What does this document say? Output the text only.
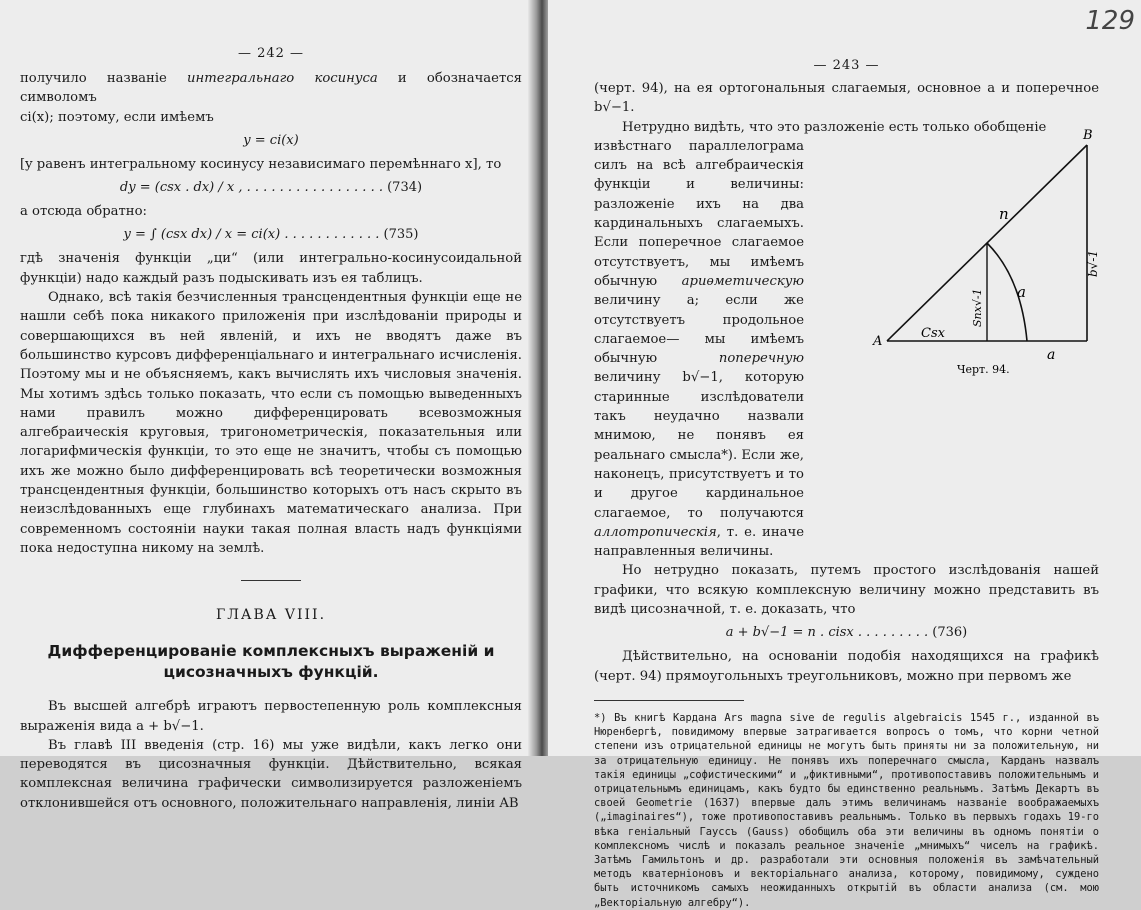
— 242 —

получило названіе интегральнаго косинуса и обозначается символомъ
ci(x); поэтому, если имѣемъ

y = ci(x)

[y равенъ интегральному косинусу независимаго перемѣннаго x], то

dy = (csx . dx) / x , . . . . . . . . . . . . . . . . . (734)

а отсюда обратно:

y = ∫ (csx dx) / x = ci(x) . . . . . . . . . . . . (735)

гдѣ значенія функціи „ци“ (или интегрально-косинусоидальной функціи) надо каждый разъ подыскивать изъ ея таблицъ.

Однако, всѣ такія безчисленныя трансцендентныя функціи еще не нашли себѣ пока никакого приложенія при изслѣдованіи природы и совершающихся въ ней явленій, и ихъ не вводятъ даже въ большинство курсовъ дифференціальнаго и интегральнаго исчисленія. Поэтому мы и не объясняемъ, какъ вычислять ихъ числовыя значенія. Мы хотимъ здѣсь только показать, что если съ помощью выведенныхъ нами правилъ можно дифференцировать всевозможныя алгебраическія круговыя, тригонометрическія, показательныя или логарифмическія функціи, то это еще не значитъ, чтобы съ помощью ихъ же можно было дифференцировать всѣ теоретически возможныя трансцендентныя функціи, большинство которыхъ отъ насъ скрыто въ неизслѣдованныхъ еще глубинахъ математическаго анализа. При современномъ состояніи науки такая полная власть надъ функціями пока недоступна никому на землѣ.

ГЛАВА VIII.
Дифференцированіе комплексныхъ выраженій и цисозначныхъ функцій.

Въ высшей алгебрѣ играютъ первостепенную роль комплексныя выраженія вида a + b√−1.

Въ главѣ III введенія (стр. 16) мы уже видѣли, какъ легко они переводятся въ цисозначныя функціи. Дѣйствительно, всякая комплексная величина графически символизируется разложеніемъ отклонившейся отъ основного, положительнаго направленія, линіи AB

— 243 —

(черт. 94), на ея ортогональныя слагаемыя, основное a и поперечное b√−1.

Нетрудно видѣть, что это разложеніе есть только обобщеніе

A
B
n
a
a
Csx
Snx√-1
b√-1
Черт. 94.

извѣстнаго параллелограма силъ на всѣ алгебраическія функціи и величины: разложеніе ихъ на два кардинальныхъ слагаемыхъ. Если поперечное слагаемое отсутствуетъ, мы имѣемъ обычную ариѳметическую величину a; если же отсутствуетъ продольное слагаемое— мы имѣемъ обычную поперечную величину b√−1, которую старинные изслѣдователи такъ неудачно назвали мнимою, не понявъ ея реальнаго смысла*). Если же, наконецъ, присутствуетъ и то и другое кардинальное слагаемое, то получаются аллотропическія, т. е. иначе направленныя величины.

Но нетрудно показать, путемъ простого изслѣдованія нашей графики, что всякую комплексную величину можно представить въ видѣ цисозначной, т. е. доказать, что

a + b√−1 = n . cisx . . . . . . . . . (736)

Дѣйствительно, на основаніи подобія находящихся на графикѣ (черт. 94) прямоугольныхъ треугольниковъ, можно при первомъ же

*) Въ книгѣ Кардана Ars magna sive de regulis algebraicis 1545 г., изданной въ Нюренбергѣ, повидимому впервые затрагивается вопросъ о томъ, что корни четной степени изъ отрицательной единицы не могутъ быть приняты ни за положительную, ни за отрицательную единицу. Не понявъ ихъ поперечнаго смысла, Карданъ назвалъ такія единицы „софистическими“ и „фиктивными“, противопоставивъ положительнымъ и отрицательнымъ единицамъ, какъ будто бы единственно реальнымъ. Затѣмъ Декартъ въ своей Geometrie (1637) впервые далъ этимъ величинамъ названіе воображаемыхъ („imaginaires“), тоже противопоставивъ реальнымъ. Только въ первыхъ годахъ 19-го вѣка геніальный Гауссъ (Gauss) обобщилъ оба эти величины въ одномъ понятіи о комплексномъ числѣ и показалъ реальное значеніе „мнимыхъ“ чиселъ на графикѣ. Затѣмъ Гамильтонъ и др. разработали эти основныя положенія въ замѣчательный методъ кватерніоновъ и векторіальнаго анализа, которому, повидимому, суждено быть источникомъ самыхъ неожиданныхъ открытій въ области анализа (см. мою „Векторіальную алгебру“).

129
